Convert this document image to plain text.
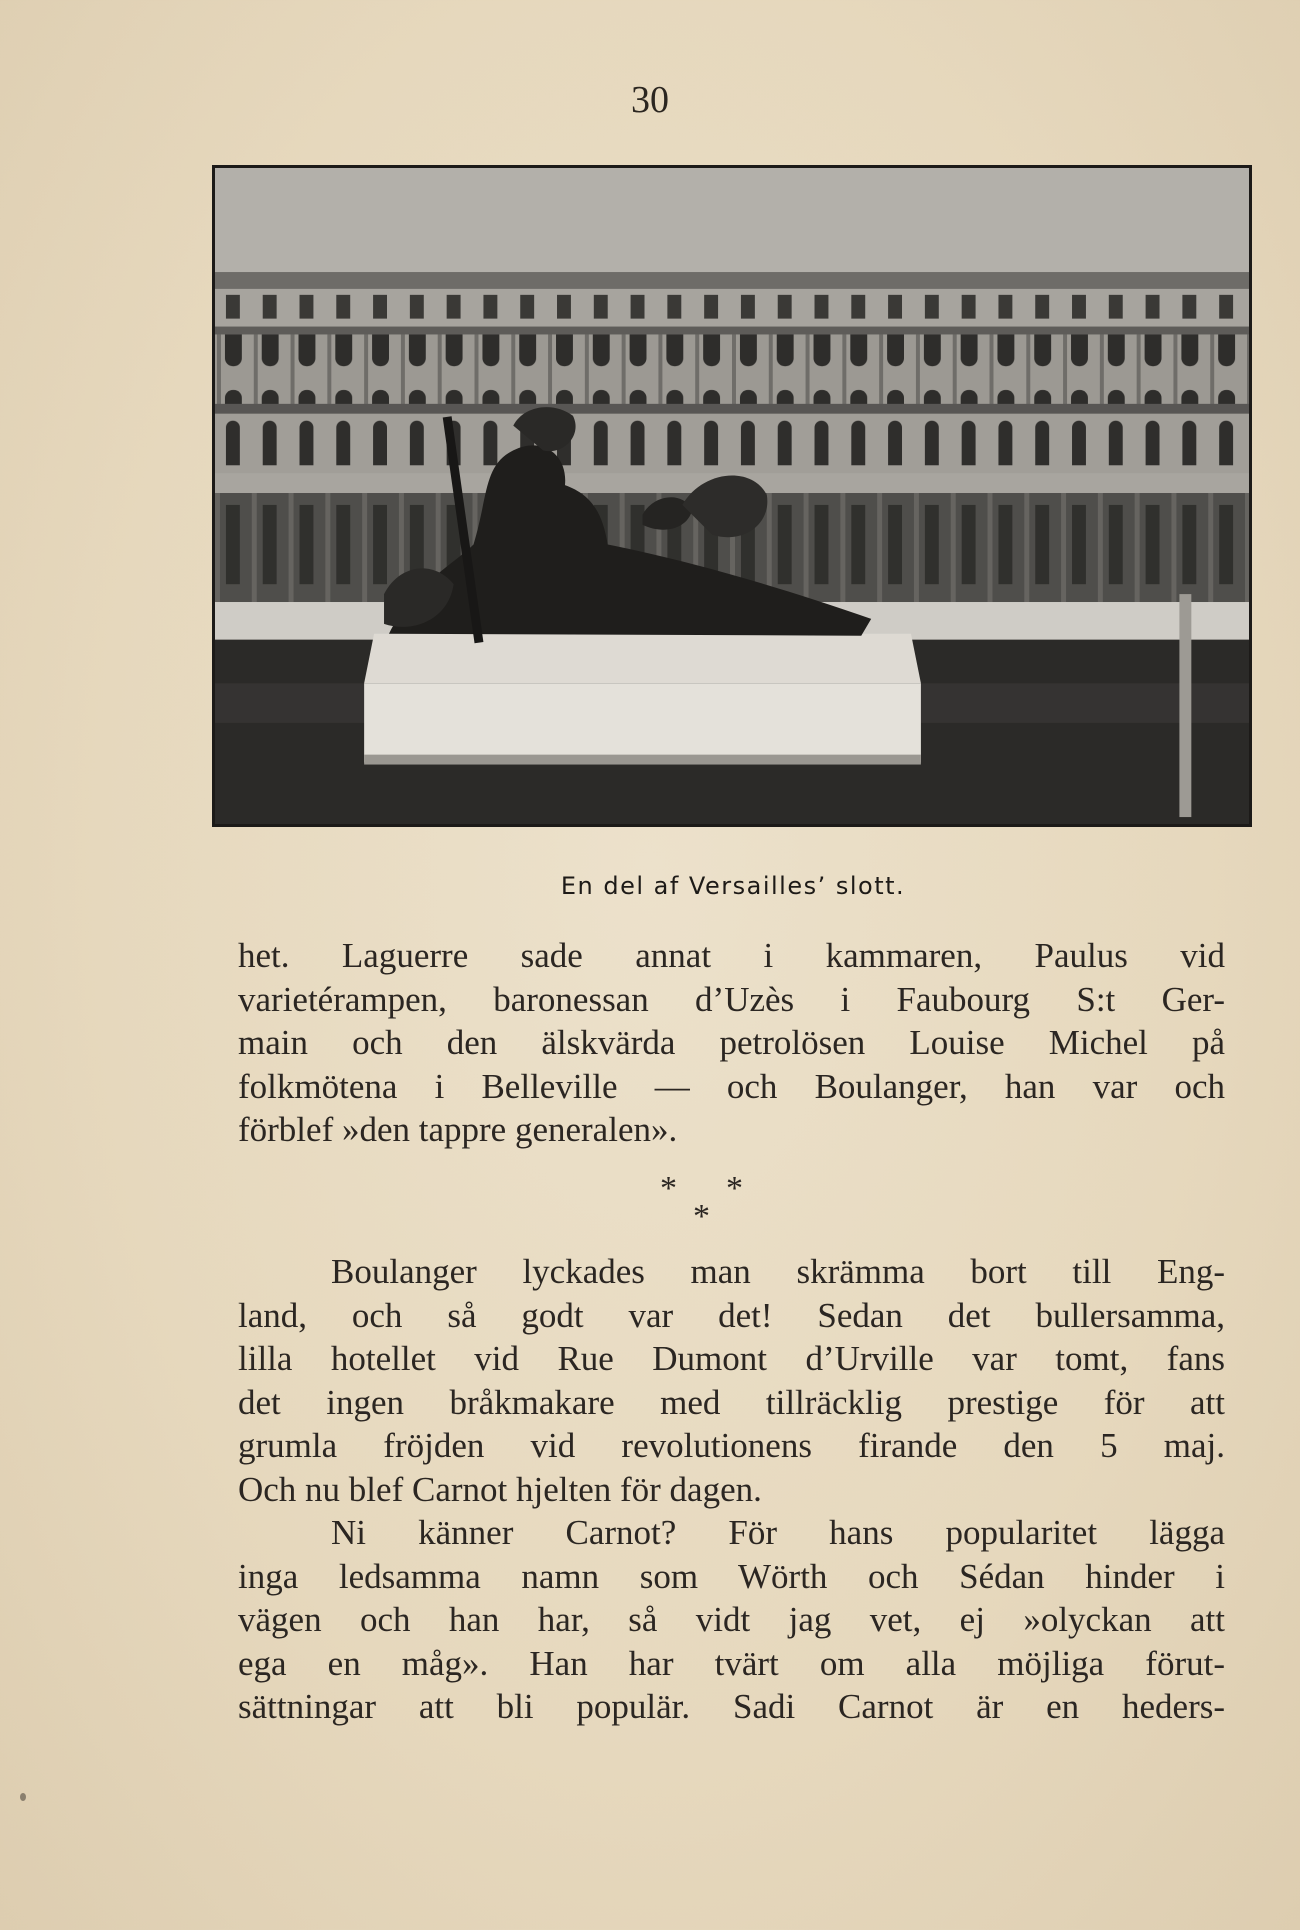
30
En del af Versailles’ slott.
het. Laguerre sade annat i kammaren, Paulus vid
varietérampen, baronessan d’Uzès i Faubourg S:t Ger-
main och den älskvärda petrolösen Louise Michel på
folkmötena i Belleville — och Boulanger, han var och
förblef »den tappre generalen».
*
*
*
Boulanger lyckades man skrämma bort till Eng-
land, och så godt var det! Sedan det bullersamma,
lilla hotellet vid Rue Dumont d’Urville var tomt, fans
det ingen bråkmakare med tillräcklig prestige för att
grumla fröjden vid revolutionens firande den 5 maj.
Och nu blef Carnot hjelten för dagen.
Ni känner Carnot? För hans popularitet lägga
inga ledsamma namn som Wörth och Sédan hinder i
vägen och han har, så vidt jag vet, ej »olyckan att
ega en måg». Han har tvärt om alla möjliga förut-
sättningar att bli populär. Sadi Carnot är en heders-
